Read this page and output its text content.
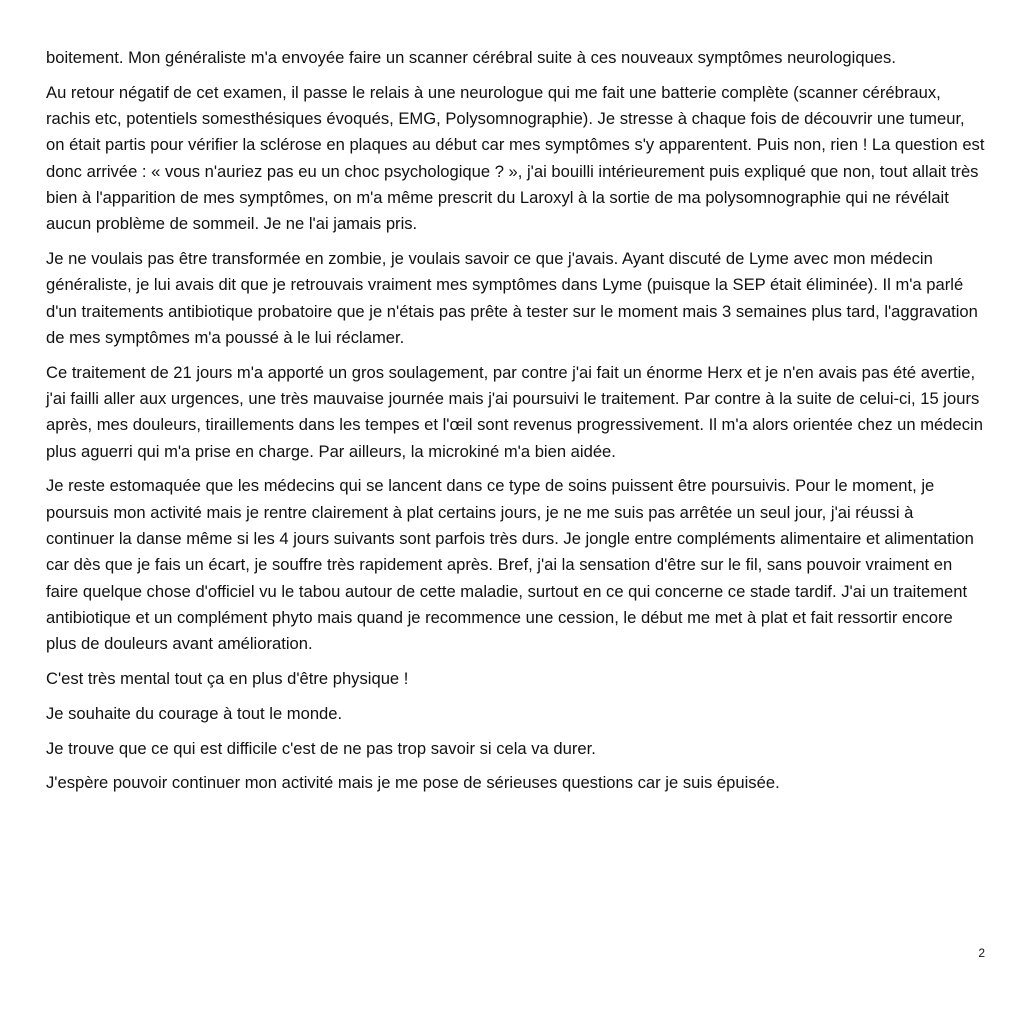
boitement. Mon généraliste m'a envoyée faire un scanner cérébral suite à ces nouveaux symptômes neurologiques.

Au retour négatif de cet examen, il passe le relais à une neurologue qui me fait une batterie complète (scanner cérébraux, rachis etc, potentiels somesthésiques évoqués, EMG, Polysomnographie). Je stresse à chaque fois de découvrir une tumeur, on était partis pour vérifier la sclérose en plaques au début car mes symptômes s'y apparentent. Puis non, rien ! La question est donc arrivée : « vous n'auriez pas eu un choc psychologique ? », j'ai bouilli intérieurement puis expliqué que non, tout allait très bien à l'apparition de mes symptômes, on m'a même prescrit du Laroxyl à la sortie de ma polysomnographie qui ne révélait aucun problème de sommeil. Je ne l'ai jamais pris.

Je ne voulais pas être transformée en zombie, je voulais savoir ce que j'avais. Ayant discuté de Lyme avec mon médecin généraliste, je lui avais dit que je retrouvais vraiment mes symptômes dans Lyme (puisque la SEP était éliminée). Il m'a parlé d'un traitements antibiotique probatoire que je n'étais pas prête à tester sur le moment mais 3 semaines plus tard, l'aggravation de mes symptômes m'a poussé à le lui réclamer.

Ce traitement de 21 jours m'a apporté un gros soulagement, par contre j'ai fait un énorme Herx et je n'en avais pas été avertie, j'ai failli aller aux urgences, une très mauvaise journée mais j'ai poursuivi le traitement. Par contre à la suite de celui-ci, 15 jours après, mes douleurs, tiraillements dans les tempes et l'œil sont revenus progressivement. Il m'a alors orientée chez un médecin plus aguerri qui m'a prise en charge. Par ailleurs, la microkiné m'a bien aidée.

Je reste estomaquée que les médecins qui se lancent dans ce type de soins puissent être poursuivis. Pour le moment, je poursuis mon activité mais je rentre clairement à plat certains jours, je ne me suis pas arrêtée un seul jour, j'ai réussi à continuer la danse même si les 4 jours suivants sont parfois très durs. Je jongle entre compléments alimentaire et alimentation car dès que je fais un écart, je souffre très rapidement après. Bref, j'ai la sensation d'être sur le fil, sans pouvoir vraiment en faire quelque chose d'officiel vu le tabou autour de cette maladie, surtout en ce qui concerne ce stade tardif. J'ai un traitement antibiotique et un complément phyto mais quand je recommence une cession, le début me met à plat et fait ressortir encore plus de douleurs avant amélioration.

C'est très mental tout ça en plus d'être physique !

Je souhaite du courage à tout le monde.

Je trouve que ce qui est difficile c'est de ne pas trop savoir si cela va durer.

J'espère pouvoir continuer mon activité mais je me pose de sérieuses questions car je suis épuisée.

2
